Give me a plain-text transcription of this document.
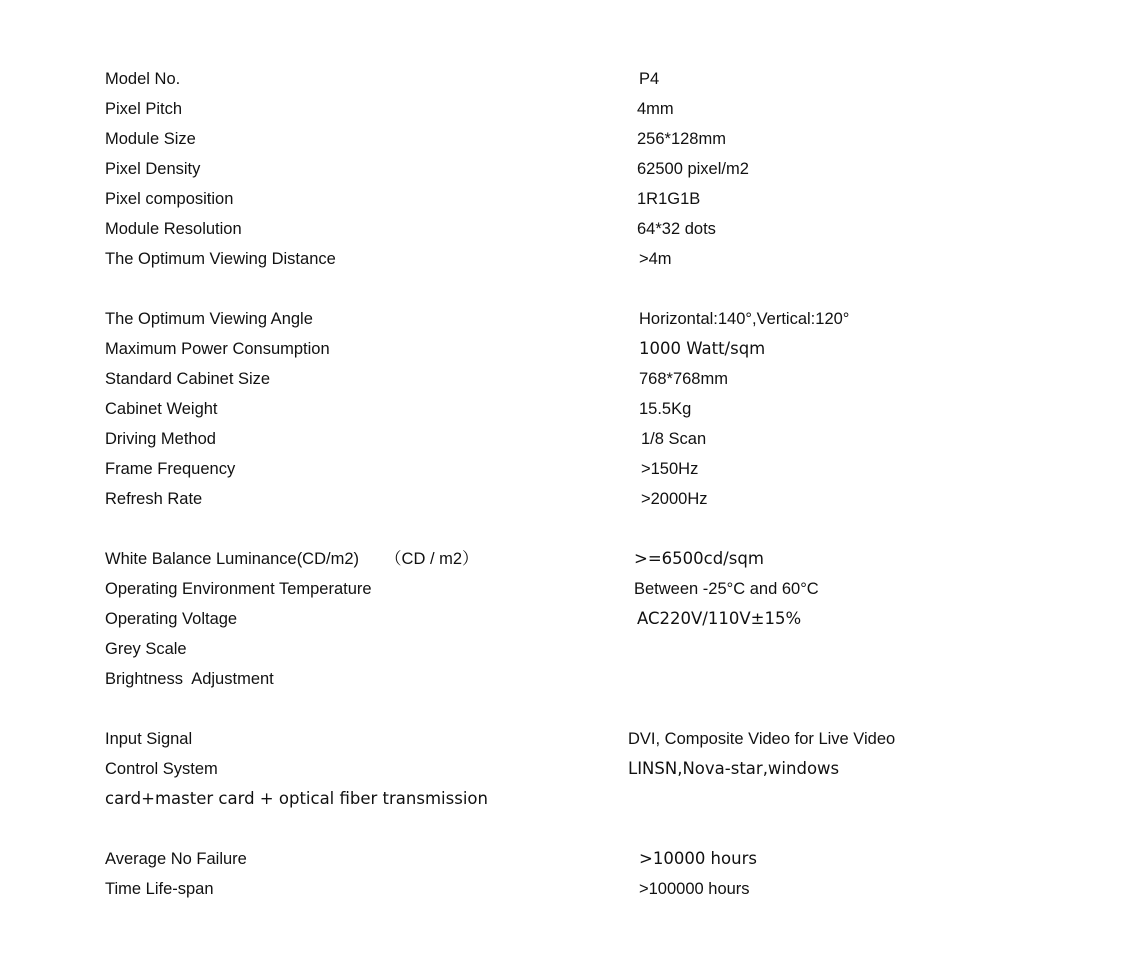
Model No.	P4
Pixel Pitch	4mm
Module Size	256*128mm
Pixel Density	62500 pixel/m2
Pixel composition	1R1G1B
Module Resolution	64*32 dots
The Optimum Viewing Distance	>4m
The Optimum Viewing Angle	Horizontal:140°,Vertical:120°
Maximum Power Consumption	1000 Watt/sqm
Standard Cabinet Size	768*768mm
Cabinet Weight	15.5Kg
Driving Method	1/8 Scan
Frame Frequency	>150Hz
Refresh Rate	>2000Hz
White Balance Luminance(CD/m2) （CD / m2）	>=6500cd/sqm
Operating Environment Temperature	Between -25°C and 60°C
Operating Voltage	AC220V/110V±15%
Grey Scale
Brightness  Adjustment
Input Signal	DVI, Composite Video for Live Video
Control System	LINSN,Nova-star,windows
card+master card + optical fiber transmission
Average No Failure	>10000 hours
Time Life-span	>100000 hours
